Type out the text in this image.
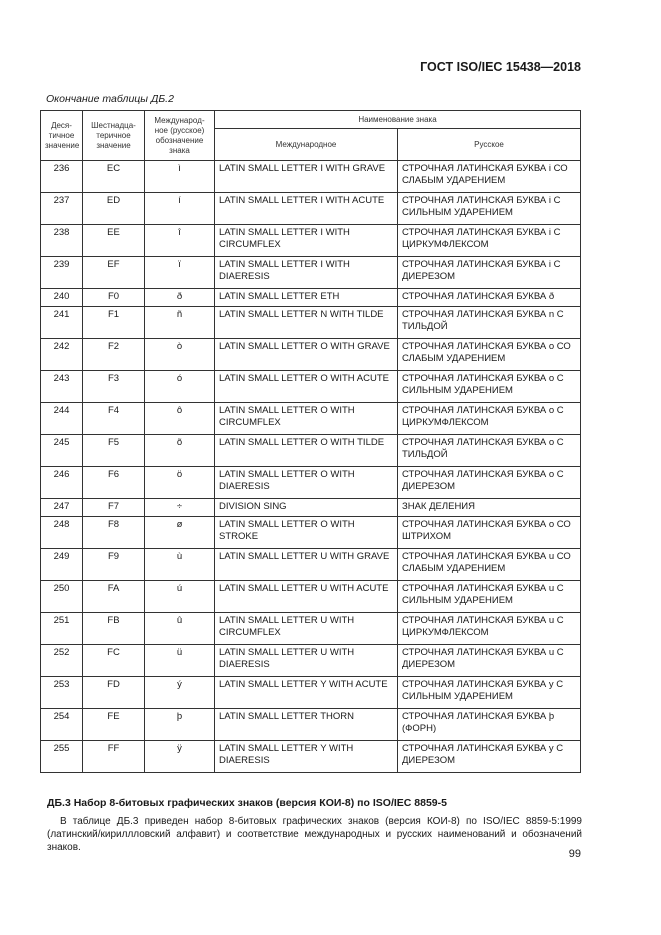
ГОСТ ISO/IEC 15438—2018
Окончание таблицы ДБ.2
Деся-тичное значение	Шестнадца-теричное значение	Междунарoд-ное (русское) обозначение знака	Наименование знака	
			Международное	Русское
236	EC	ì	LATIN SMALL LETTER I WITH GRAVE	СТРОЧНАЯ ЛАТИНСКАЯ БУКВА i СО СЛАБЫМ УДАРЕНИЕМ
237	ED	í	LATIN SMALL LETTER I WITH ACUTE	СТРОЧНАЯ ЛАТИНСКАЯ БУКВА i С СИЛЬНЫМ УДАРЕНИЕМ
238	EE	î	LATIN SMALL LETTER I WITH CIRCUMFLEX	СТРОЧНАЯ ЛАТИНСКАЯ БУКВА i С ЦИРКУМФЛЕКСОМ
239	EF	ï	LATIN SMALL LETTER I WITH DIAERESIS	СТРОЧНАЯ ЛАТИНСКАЯ БУКВА i С ДИЕРЕЗОМ
240	F0	ð	LATIN SMALL LETTER ETH	СТРОЧНАЯ ЛАТИНСКАЯ БУКВА ð
241	F1	ñ	LATIN SMALL LETTER N WITH TILDE	СТРОЧНАЯ ЛАТИНСКАЯ БУКВА n С ТИЛЬДОЙ
242	F2	ò	LATIN SMALL LETTER O WITH GRAVE	СТРОЧНАЯ ЛАТИНСКАЯ БУКВА o СО СЛАБЫМ УДАРЕНИЕМ
243	F3	ó	LATIN SMALL LETTER O WITH ACUTE	СТРОЧНАЯ ЛАТИНСКАЯ БУКВА o С СИЛЬНЫМ УДАРЕНИЕМ
244	F4	ô	LATIN SMALL LETTER O WITH CIRCUMFLEX	СТРОЧНАЯ ЛАТИНСКАЯ БУКВА o С ЦИРКУМФЛЕКСОМ
245	F5	õ	LATIN SMALL LETTER O WITH TILDE	СТРОЧНАЯ ЛАТИНСКАЯ БУКВА o С ТИЛЬДОЙ
246	F6	ö	LATIN SMALL LETTER O WITH DIAERESIS	СТРОЧНАЯ ЛАТИНСКАЯ БУКВА o С ДИЕРЕЗОМ
247	F7	÷	DIVISION SING	ЗНАК ДЕЛЕНИЯ
248	F8	ø	LATIN SMALL LETTER O WITH STROKE	СТРОЧНАЯ ЛАТИНСКАЯ БУКВА o СО ШТРИХОМ
249	F9	ù	LATIN SMALL LETTER U WITH GRAVE	СТРОЧНАЯ ЛАТИНСКАЯ БУКВА u СО СЛАБЫМ УДАРЕНИЕМ
250	FA	ú	LATIN SMALL LETTER U WITH ACUTE	СТРОЧНАЯ ЛАТИНСКАЯ БУКВА u С СИЛЬНЫМ УДАРЕНИЕМ
251	FB	û	LATIN SMALL LETTER U WITH CIRCUMFLEX	СТРОЧНАЯ ЛАТИНСКАЯ БУКВА u С ЦИРКУМФЛЕКСОМ
252	FC	ü	LATIN SMALL LETTER U WITH DIAERESIS	СТРОЧНАЯ ЛАТИНСКАЯ БУКВА u С ДИЕРЕЗОМ
253	FD	ý	LATIN SMALL LETTER Y WITH ACUTE	СТРОЧНАЯ ЛАТИНСКАЯ БУКВА y С СИЛЬНЫМ УДАРЕНИЕМ
254	FE	þ	LATIN SMALL LETTER THORN	СТРОЧНАЯ ЛАТИНСКАЯ БУКВА þ (ФОРН)
255	FF	ÿ	LATIN SMALL LETTER Y WITH DIAERESIS	СТРОЧНАЯ ЛАТИНСКАЯ БУКВА y С ДИЕРЕЗОМ
ДБ.3 Набор 8-битовых графических знаков (версия КОИ-8) по ISO/IEC 8859-5
В таблице ДБ.3 приведен набор 8-битовых графических знаков (версия КОИ-8) по ISO/IEC 8859-5:1999 (латинский/кириллловский алфавит) и соответствие международных и русских наименований и обозначений знаков.
99
